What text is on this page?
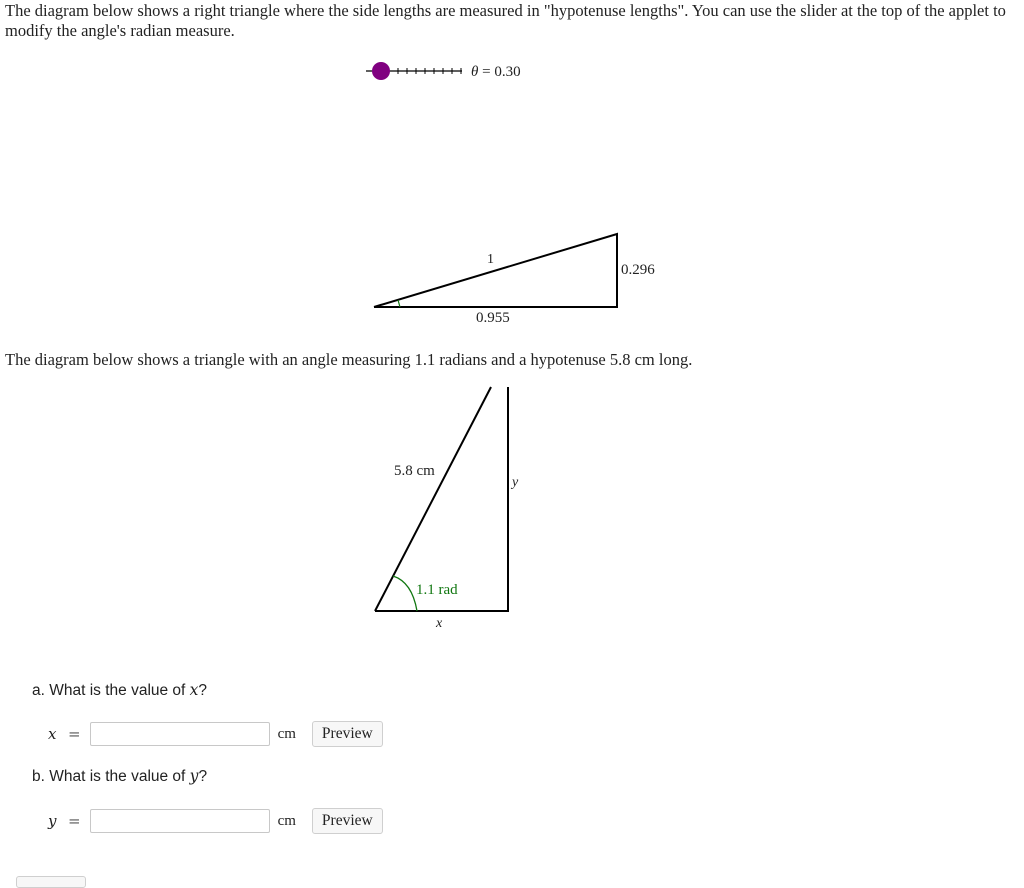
The diagram below shows a right triangle where the side lengths are measured in "hypotenuse lengths". You can use the slider at the top of the applet to modify the angle's radian measure.

θ = 0.30
1
0.296
0.955

The diagram below shows a triangle with an angle measuring 1.1 radians and a hypotenuse 5.8 cm long.

5.8 cm
1.1 rad
y
x
a. What is the value of x?
x =	cm	Preview
b. What is the value of y?
y =	cm	Preview
